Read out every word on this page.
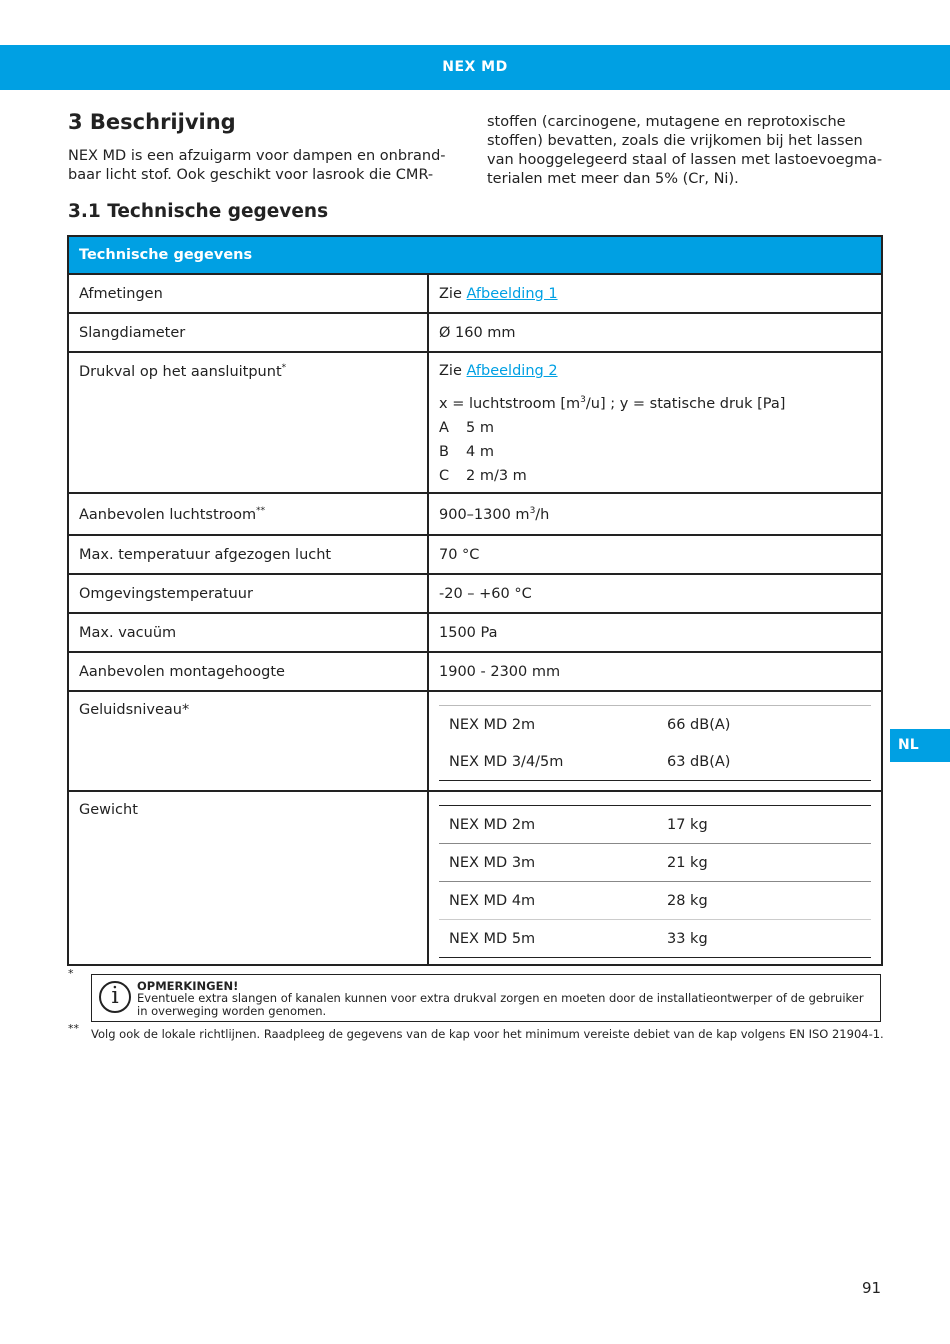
NEX MD
3 Beschrijving
NEX MD is een afzuigarm voor dampen en onbrand-baar licht stof. Ook geschikt voor lasrook die CMR-
stoffen (carcinogene, mutagene en reprotoxische stoffen) bevatten, zoals die vrijkomen bij het lassen van hooggelegeerd staal of lassen met lastoevoegma-terialen met meer dan 5% (Cr, Ni).
3.1 Technische gegevens
Technische gegevens
Afmetingen	Zie Afbeelding 1
Slangdiameter	Ø 160 mm
Drukval op het aansluitpunt*	Zie Afbeelding 2
x = luchtstroom $[m^3/u]$ ; y = statische druk [Pa]
A 5 m
B 4 m
C 2 m/3 m

Aanbevolen luchtstroom**	900–1300 $m^3/h$
Max. temperatuur afgezogen lucht	70 °C
Omgevingstemperatuur	-20 – +60 °C
Max. vacuüm	1500 Pa
Aanbevolen montagehoogte	1900 - 2300 mm
Geluidsniveau*	

NEX MD 2m	66 dB(A)
NEX MD 3/4/5m	63 dB(A)

Gewicht	

NEX MD 2m	17 kg
NEX MD 3m	21 kg
NEX MD 4m	28 kg
NEX MD 5m	33 kg
*
i	OPMERKINGEN!
Eventuele extra slangen of kanalen kunnen voor extra drukval zorgen en moeten door de installatieontwerper of de gebruiker in overweging worden genomen.
** Volg ook de lokale richtlijnen. Raadpleeg de gegevens van de kap voor het minimum vereiste debiet van de kap volgens EN ISO 21904-1.
NL
91
